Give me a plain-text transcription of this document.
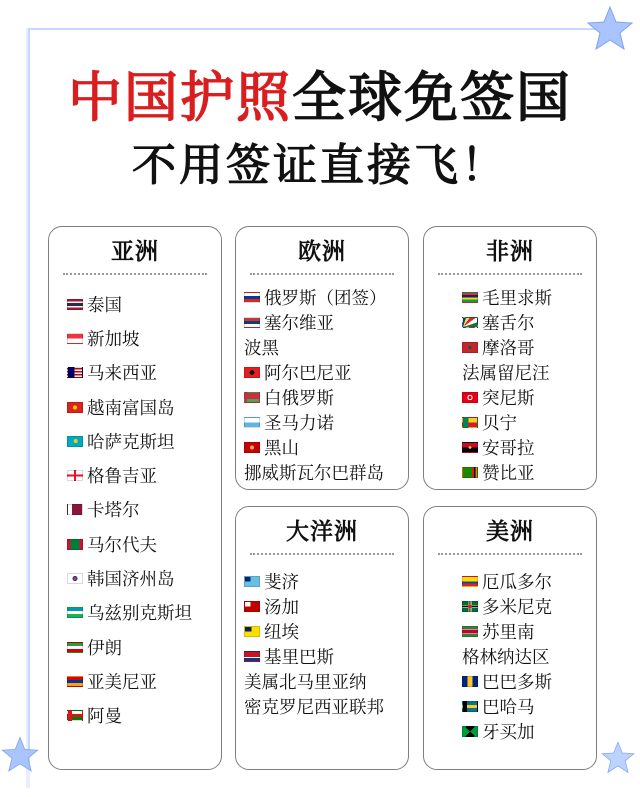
中国护照全球免签国
不用签证直接飞！
亚洲
泰国
新加坡
马来西亚
越南富国岛
哈萨克斯坦
格鲁吉亚
卡塔尔
马尔代夫
韩国济州岛
乌兹别克斯坦
伊朗
亚美尼亚
阿曼
欧洲
俄罗斯（团签）
塞尔维亚
波黑
阿尔巴尼亚
白俄罗斯
圣马力诺
黑山
挪威斯瓦尔巴群岛
非洲
毛里求斯
塞舌尔
摩洛哥
法属留尼汪
突尼斯
贝宁
安哥拉
赞比亚
大洋洲
斐济
汤加
纽埃
基里巴斯
美属北马里亚纳
密克罗尼西亚联邦
美洲
厄瓜多尔
多米尼克
苏里南
格林纳达区
巴巴多斯
巴哈马
牙买加
